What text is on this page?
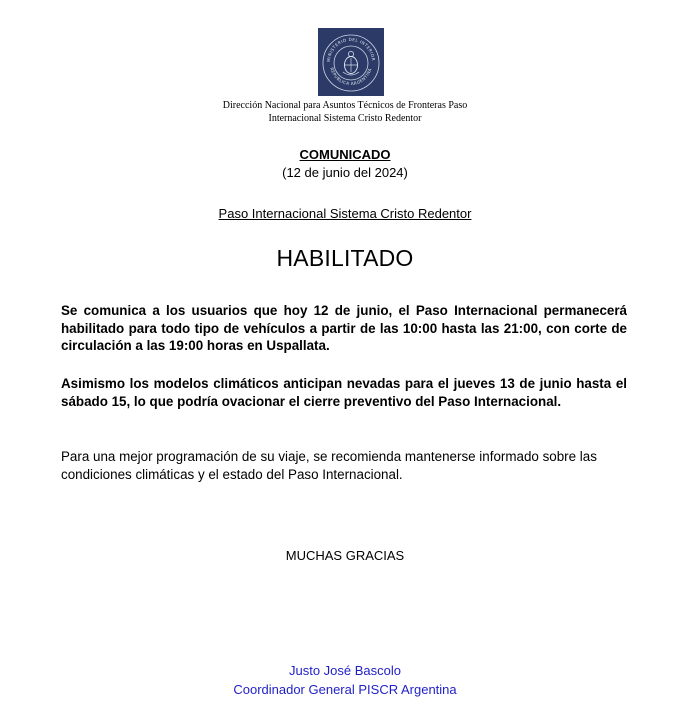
MINISTERIO DEL INTERIOR
REPUBLICA ARGENTINA
Dirección Nacional para Asuntos Técnicos de Fronteras Paso
Internacional Sistema Cristo Redentor
COMUNICADO
(12 de junio del 2024)
Paso Internacional Sistema Cristo Redentor
HABILITADO
Se comunica a los usuarios que hoy 12 de junio, el Paso Internacional permanecerá habilitado para todo tipo de vehículos a partir de las 10:00 hasta las 21:00, con corte de circulación a las 19:00 horas en Uspallata.
Asimismo los modelos climáticos anticipan nevadas para el jueves 13 de junio hasta el sábado 15, lo que podría ovacionar el cierre preventivo del Paso Internacional.
Para una mejor programación de su viaje, se recomienda mantenerse informado sobre las condiciones climáticas y el estado del Paso Internacional.
MUCHAS GRACIAS
Justo José Bascolo
Coordinador General PISCR Argentina
